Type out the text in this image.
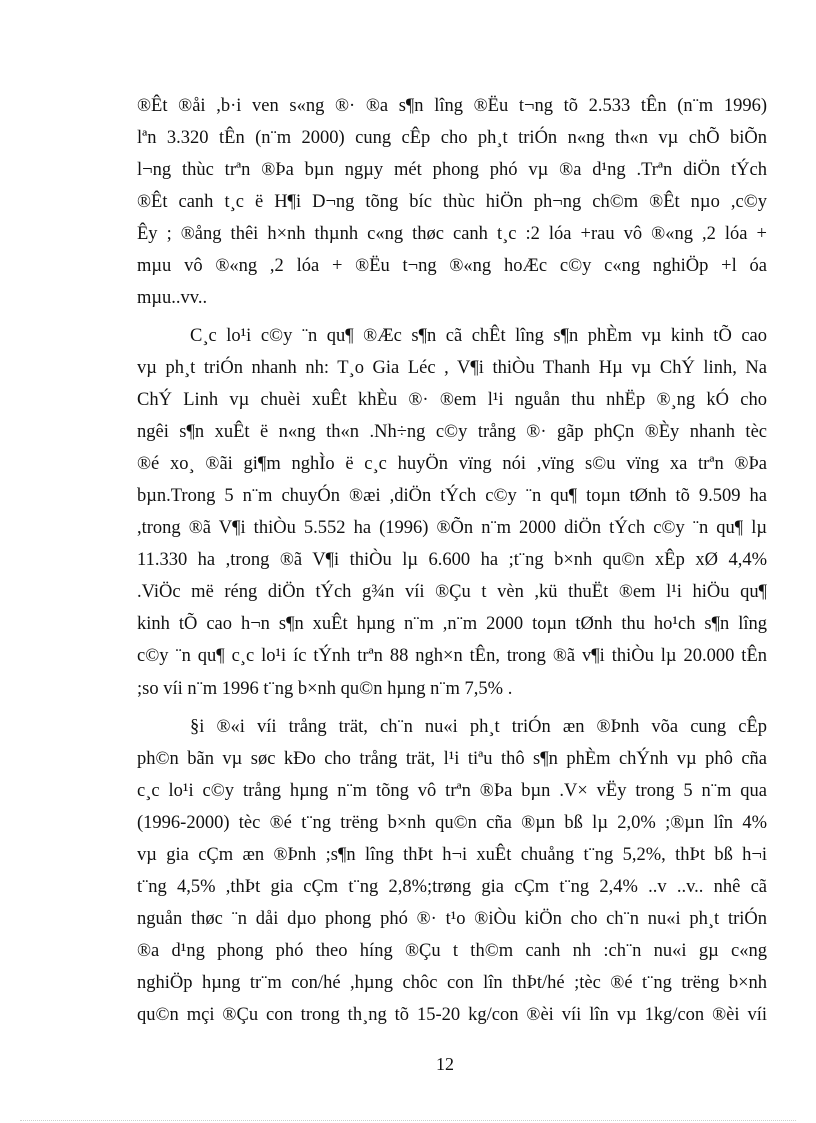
®Êt ®åi ,b·i ven s«ng ®· ®a s¶n lîng ®Ëu t¬ng tõ 2.533 tÊn (n¨m 1996)
lªn 3.320 tÊn (n¨m 2000) cung cÊp cho ph¸t triÓn n«ng th«n vµ chÕ biÕn
l¬ng thùc trªn ®Þa bµn ngµy mét phong phó vµ ®a d¹ng .Trªn diÖn tÝch
®Êt canh t¸c ë H¶i D¬ng tõng bíc thùc hiÖn ph¬ng ch©m ®Êt nµo ,c©y
Êy ; ®ång thêi h×nh thµnh c«ng thøc canh t¸c :2 lóa +rau vô ®«ng ,2 lóa +
mµu vô ®«ng ,2 lóa + ®Ëu t¬ng ®«ng hoÆc c©y c«ng nghiÖp +l óa
mµu..vv..
C¸c lo¹i c©y ¨n qu¶ ®Æc s¶n cã chÊt lîng s¶n phÈm vµ kinh tÕ cao
vµ ph¸t triÓn nhanh nh: T¸o Gia Léc , V¶i thiÒu Thanh Hµ vµ ChÝ linh, Na
ChÝ Linh vµ chuèi xuÊt khÈu ®· ®em l¹i nguån thu nhËp ®¸ng kÓ cho
ngêi s¶n xuÊt ë n«ng th«n .Nh÷ng c©y trång ®· gãp phÇn ®Èy nhanh tèc
®é xo¸ ®ãi gi¶m nghÌo ë c¸c huyÖn vïng nói ,vïng s©u vïng xa trªn ®Þa
bµn.Trong 5 n¨m chuyÓn ®æi ,diÖn tÝch c©y ¨n qu¶ toµn tØnh tõ 9.509 ha
,trong ®ã V¶i thiÒu 5.552 ha (1996) ®Õn n¨m 2000 diÖn tÝch c©y ¨n qu¶ lµ
11.330 ha ,trong ®ã V¶i thiÒu lµ 6.600 ha ;t¨ng b×nh qu©n xÊp xØ 4,4%
.ViÖc më réng diÖn tÝch g¾n víi ®Çu t vèn ,kü thuËt ®em l¹i hiÖu qu¶
kinh tÕ cao h¬n s¶n xuÊt hµng n¨m ,n¨m 2000 toµn tØnh thu ho¹ch s¶n lîng
c©y ¨n qu¶ c¸c lo¹i íc tÝnh trªn 88 ngh×n tÊn, trong ®ã v¶i thiÒu lµ 20.000 tÊn
;so víi n¨m 1996 t¨ng b×nh qu©n hµng n¨m 7,5% .
§i ®«i víi trång trät, ch¨n nu«i ph¸t triÓn æn ®Þnh võa cung cÊp
ph©n bãn vµ søc kÐo cho trång trät, l¹i tiªu thô s¶n phÈm chÝnh vµ phô cña
c¸c lo¹i c©y trång hµng n¨m tõng vô trªn ®Þa bµn .V× vËy trong 5 n¨m qua
(1996-2000) tèc ®é t¨ng trëng b×nh qu©n cña ®µn bß lµ 2,0% ;®µn lîn 4%
vµ gia cÇm æn ®Þnh ;s¶n lîng thÞt h¬i xuÊt chuång t¨ng 5,2%, thÞt bß h¬i
t¨ng 4,5% ,thÞt gia cÇm t¨ng 2,8%;trøng gia cÇm t¨ng 2,4% ..v ..v.. nhê cã
nguån thøc ¨n dåi dµo phong phó ®· t¹o ®iÒu kiÖn cho ch¨n nu«i ph¸t triÓn
®a d¹ng phong phó theo híng ®Çu t th©m canh nh :ch¨n nu«i gµ c«ng
nghiÖp hµng tr¨m con/hé ,hµng chôc con lîn thÞt/hé ;tèc ®é t¨ng trëng b×nh
qu©n mçi ®Çu con trong th¸ng tõ 15-20 kg/con ®èi víi lîn vµ 1kg/con ®èi víi
12
